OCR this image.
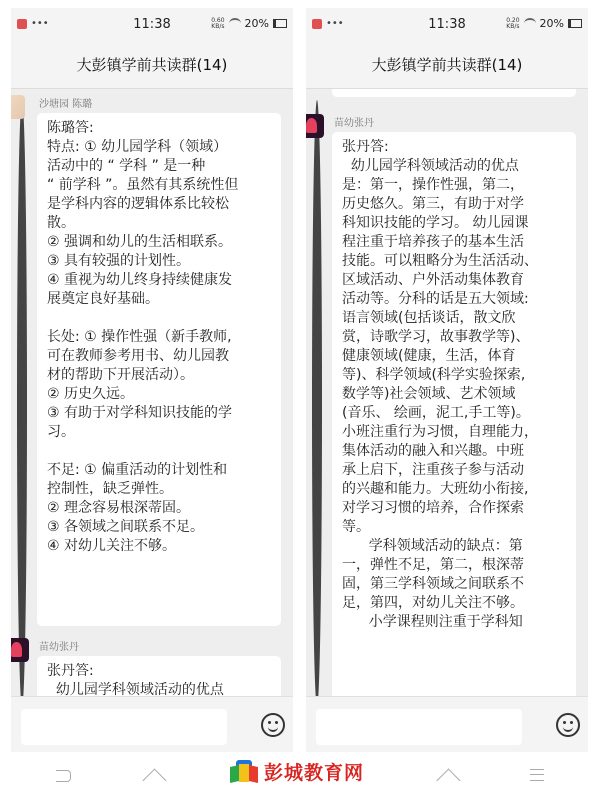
•••	11:38	0.60
KB/s 20%
大彭镇学前共读群(14)
沙塘园 陈璐
陈璐答:
特点: ① 幼儿园学科（领域）
活动中的 “ 学科 ” 是一种
“ 前学科 ”。虽然有其系统性但
是学科内容的逻辑体系比较松
散。
② 强调和幼儿的生活相联系。
③ 具有较强的计划性。
④ 重视为幼儿终身持续健康发
展奠定良好基础。
长处: ① 操作性强（新手教师,
可在教师参考用书、幼儿园教
材的帮助下开展活动）。
② 历史久远。
③ 有助于对学科知识技能的学
习。
不足: ① 偏重活动的计划性和
控制性，缺乏弹性。
② 理念容易根深蒂固。
③ 各领域之间联系不足。
④ 对幼儿关注不够。
苗幼张丹
张丹答:
幼儿园学科领域活动的优点
•••	11:38	0.20
KB/s 20%
大彭镇学前共读群(14)
苗幼张丹
张丹答:
幼儿园学科领域活动的优点
是：第一，操作性强，第二，
历史悠久。第三，有助于对学
科知识技能的学习。 幼儿园课
程注重于培养孩子的基本生活
技能。可以粗略分为生活活动、
区域活动、户外活动集体教育
活动等。分科的话是五大领域:
语言领域(包括谈话，散文欣
赏，诗歌学习，故事教学等)、
健康领域(健康，生活，体育
等)、科学领域(科学实验探索,
数学等)社会领域、艺术领域
(音乐、 绘画，泥工,手工等)。
小班注重行为习惯，自理能力，
集体活动的融入和兴趣。中班
承上启下，注重孩子参与活动
的兴趣和能力。大班幼小衔接,
对学习习惯的培养，合作探索
等。
学科领域活动的缺点：第
一，弹性不足，第二，根深蒂
固，第三学科领域之间联系不
足，第四，对幼儿关注不够。
小学课程则注重于学科知
彭城教育网
